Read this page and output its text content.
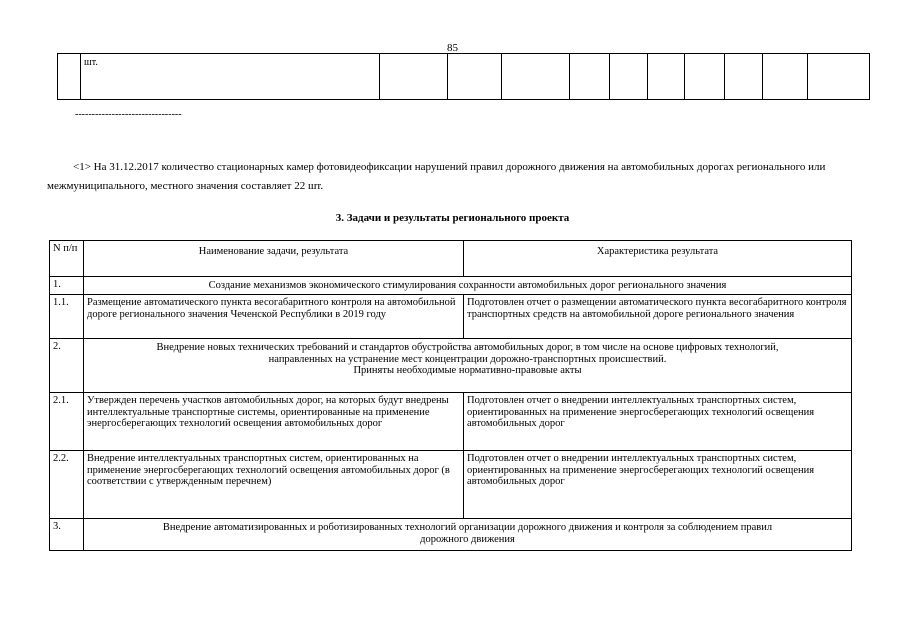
85
	шт.										
--------------------------------
<1> На 31.12.2017 количество стационарных камер фотовидеофиксации нарушений правил дорожного движения на автомобильных дорогах регионального или межмуниципального, местного значения составляет 22 шт.
3. Задачи и результаты регионального проекта
N п/п	Наименование задачи, результата	Характеристика результата
1.	Создание механизмов экономического стимулирования сохранности автомобильных дорог регионального значения	

1.1.	Размещение автоматического пункта весогабаритного контроля на автомобильной дороге регионального значения Чеченской Республики в 2019 году	Подготовлен отчет о размещении автоматического пункта весогабаритного контроля транспортных средств на автомобильной дороге регионального значения
2.	Внедрение новых технических требований и стандартов обустройства автомобильных дорог, в том числе на основе цифровых технологий, направленных на устранение мест концентрации дорожно-транспортных происшествий.
Приняты необходимые нормативно-правовые акты	

2.1.	Утвержден перечень участков автомобильных дорог, на которых будут внедрены интеллектуальные транспортные системы, ориентированные на применение энергосберегающих технологий освещения автомобильных дорог	Подготовлен отчет о внедрении интеллектуальных транспортных систем, ориентированных на применение энергосберегающих технологий освещения автомобильных дорог
2.2.	Внедрение интеллектуальных транспортных систем, ориентированных на применение энергосберегающих технологий освещения автомобильных дорог (в соответствии с утвержденным перечнем)	Подготовлен отчет о внедрении интеллектуальных транспортных систем, ориентированных на применение энергосберегающих технологий освещения автомобильных дорог
3.	Внедрение автоматизированных и роботизированных технологий организации дорожного движения и контроля за соблюдением правил дорожного движения	
